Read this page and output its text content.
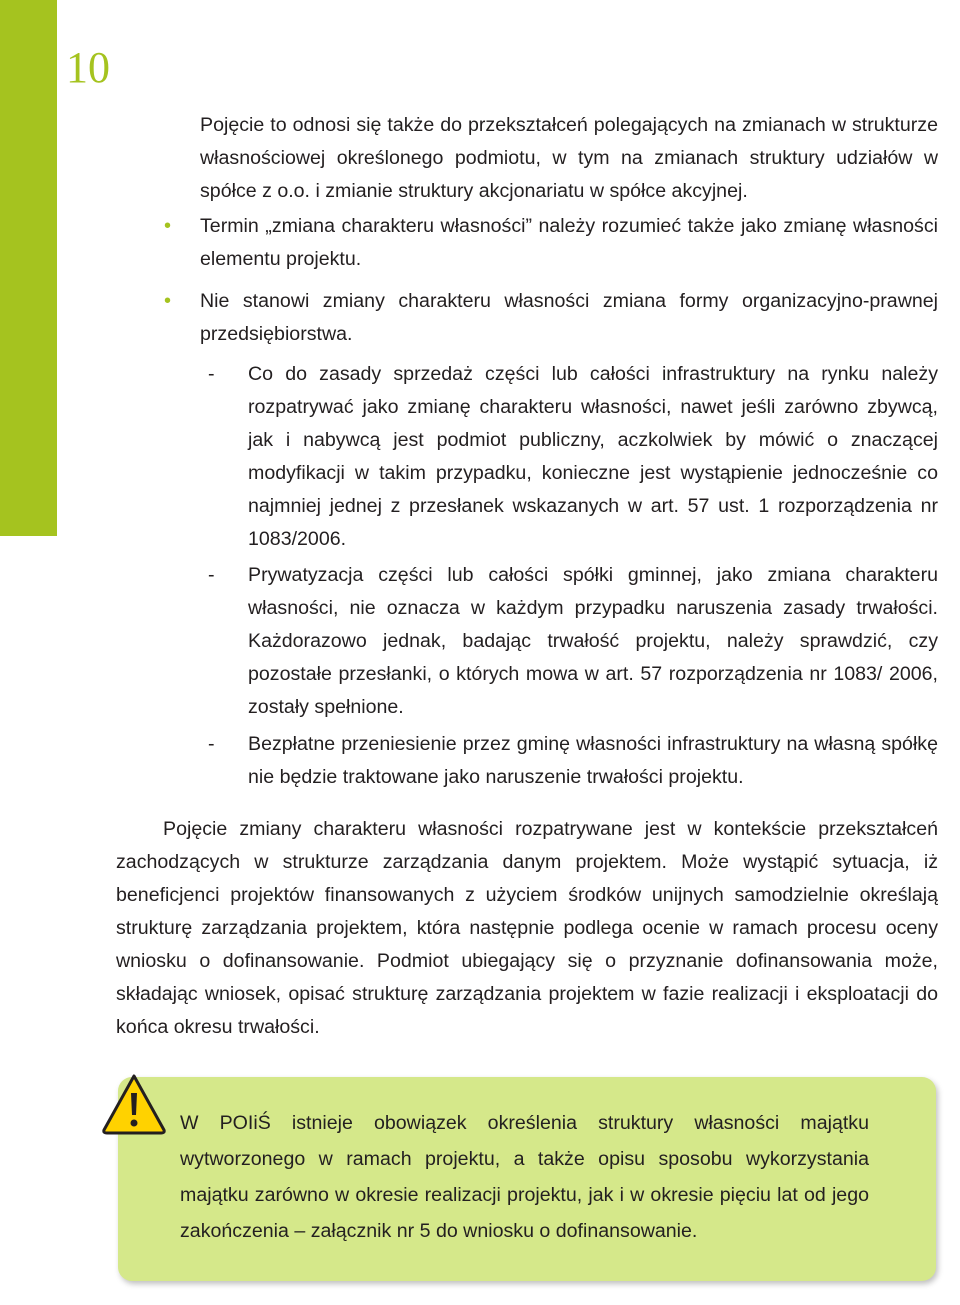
10

Pojęcie to odnosi się także do przekształceń polegających na zmianach w strukturze własnościowej określonego podmiotu, w tym na zmianach struktury udziałów w spółce z o.o. i zmianie struktury akcjonariatu w spółce akcyjnej.

• Termin „zmiana charakteru własności” należy rozumieć także jako zmianę własności elementu projektu.

• Nie stanowi zmiany charakteru własności zmiana formy organizacyjno-prawnej przedsiębiorstwa.

- Co do zasady sprzedaż części lub całości infrastruktury na rynku należy rozpatrywać jako zmianę charakteru własności, nawet jeśli zarówno zbywcą, jak i nabywcą jest podmiot publiczny, aczkolwiek by mówić o znaczącej modyfikacji w takim przypadku, konieczne jest wystąpienie jednocześnie co najmniej jednej z przesłanek wskazanych w art. 57 ust. 1 rozporządzenia nr 1083/2006.

- Prywatyzacja części lub całości spółki gminnej, jako zmiana charakteru własności, nie oznacza w każdym przypadku naruszenia zasady trwałości. Każdorazowo jednak, badając trwałość projektu, należy sprawdzić, czy pozostałe przesłanki, o których mowa w art. 57 rozporządzenia nr 1083/ 2006, zostały spełnione.

- Bezpłatne przeniesienie przez gminę własności infrastruktury na własną spółkę nie będzie traktowane jako naruszenie trwałości projektu.

Pojęcie zmiany charakteru własności rozpatrywane jest w kontekście przekształceń zachodzących w strukturze zarządzania danym projektem. Może wystąpić sytuacja, iż beneficjenci projektów finansowanych z użyciem środków unijnych samodzielnie określają strukturę zarządzania projektem, która następnie podlega ocenie w ramach procesu oceny wniosku o dofinansowanie. Podmiot ubiegający się o przyznanie dofinansowania może, składając wniosek, opisać strukturę zarządzania projektem w fazie realizacji i eksploatacji do końca okresu trwałości.

W POIiŚ istnieje obowiązek określenia struktury własności majątku wytworzonego w ramach projektu, a także opisu sposobu wykorzystania majątku zarówno w okresie realizacji projektu, jak i w okresie pięciu lat od jego zakończenia – załącznik nr 5 do wniosku o dofinansowanie.
